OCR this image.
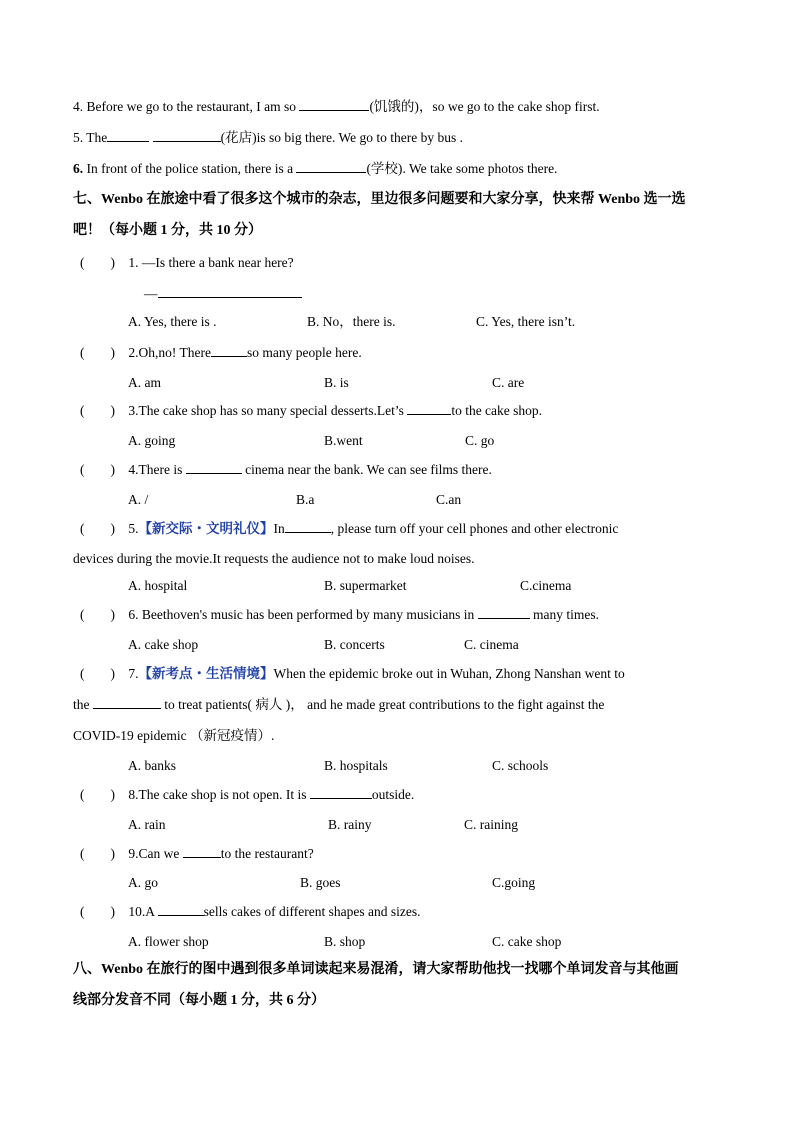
4. Before we go to the restaurant, I am so	(饥饿的)，so we go to the cake shop first.
5. The	(花店)is so big there. We go to there by bus .
6. In front of the police station, there is a	(学校). We take some photos there.
七、Wenbo 在旅途中看了很多这个城市的杂志，里边很多问题要和大家分享，快来帮 Wenbo 选一选
吧！（每小题 1 分，共 10 分）
( ) 1. —Is there a bank near here?
—
A. Yes, there is .	B. No，there is.	C. Yes, there isn’t.
( ) 2.Oh,no! There	so many people here.
A. am	B. is	C. are
( ) 3.The cake shop has so many special desserts.Let’s	to the cake shop.
A. going	B.went	C. go
( ) 4.There is	cinema near the bank. We can see films there.
A. /	B.a	C.an
( ) 5.【新交际・文明礼仪】In	, please turn off your cell phones and other electronic
devices during the movie.It requests the audience not to make loud noises.
A. hospital	B. supermarket	C.cinema
( ) 6. Beethoven's music has been performed by many musicians in	many times.
A. cake shop	B. concerts	C. cinema
( ) 7.【新考点・生活情境】When the epidemic broke out in Wuhan, Zhong Nanshan went to
the	to treat patients( 病人 )， and he made great contributions to the fight against the
COVID-19 epidemic （新冠疫情）.
A. banks	B. hospitals	C. schools
( ) 8.The cake shop is not open. It is	outside.
A. rain	B. rainy	C. raining
( ) 9.Can we	to the restaurant?
A. go	B. goes	C.going
( ) 10.A	sells cakes of different shapes and sizes.
A. flower shop	B. shop	C. cake shop
八、Wenbo 在旅行的图中遇到很多单词读起来易混淆，请大家帮助他找一找哪个单词发音与其他画
线部分发音不同（每小题 1 分，共 6 分）
